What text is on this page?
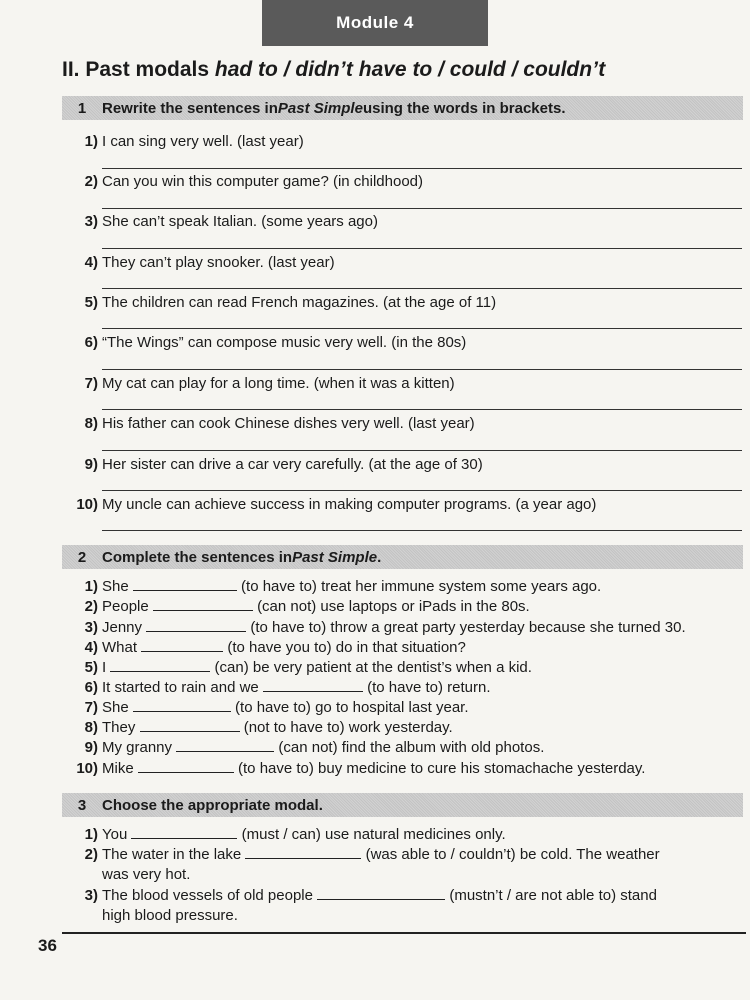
Module 4
II. Past modals had to / didn’t have to / could / couldn’t
1	Rewrite the sentences in Past Simple using the words in brackets.
1) I can sing very well. (last year)
2) Can you win this computer game? (in childhood)
3) She can’t speak Italian. (some years ago)
4) They can’t play snooker. (last year)
5) The children can read French magazines. (at the age of 11)
6) “The Wings” can compose music very well. (in the 80s)
7) My cat can play for a long time. (when it was a kitten)
8) His father can cook Chinese dishes very well. (last year)
9) Her sister can drive a car very carefully. (at the age of 30)
10) My uncle can achieve success in making computer programs. (a year ago)
2	Complete the sentences in Past Simple .
1) She	(to have to) treat her immune system some years ago.
2) People	(can not) use laptops or iPads in the 80s.
3) Jenny	(to have to) throw a great party yesterday because she turned 30.
4) What	(to have you to) do in that situation?
5) I	(can) be very patient at the dentist’s when a kid.
6) It started to rain and we	(to have to) return.
7) She	(to have to) go to hospital last year.
8) They	(not to have to) work yesterday.
9) My granny	(can not) find the album with old photos.
10) Mike	(to have to) buy medicine to cure his stomachache yesterday.
3	Choose the appropriate modal.
1) You	(must / can) use natural medicines only.
2) The water in the lake	(was able to / couldn’t) be cold. The weather
was very hot.
3) The blood vessels of old people	(mustn’t / are not able to) stand
high blood pressure.
36
